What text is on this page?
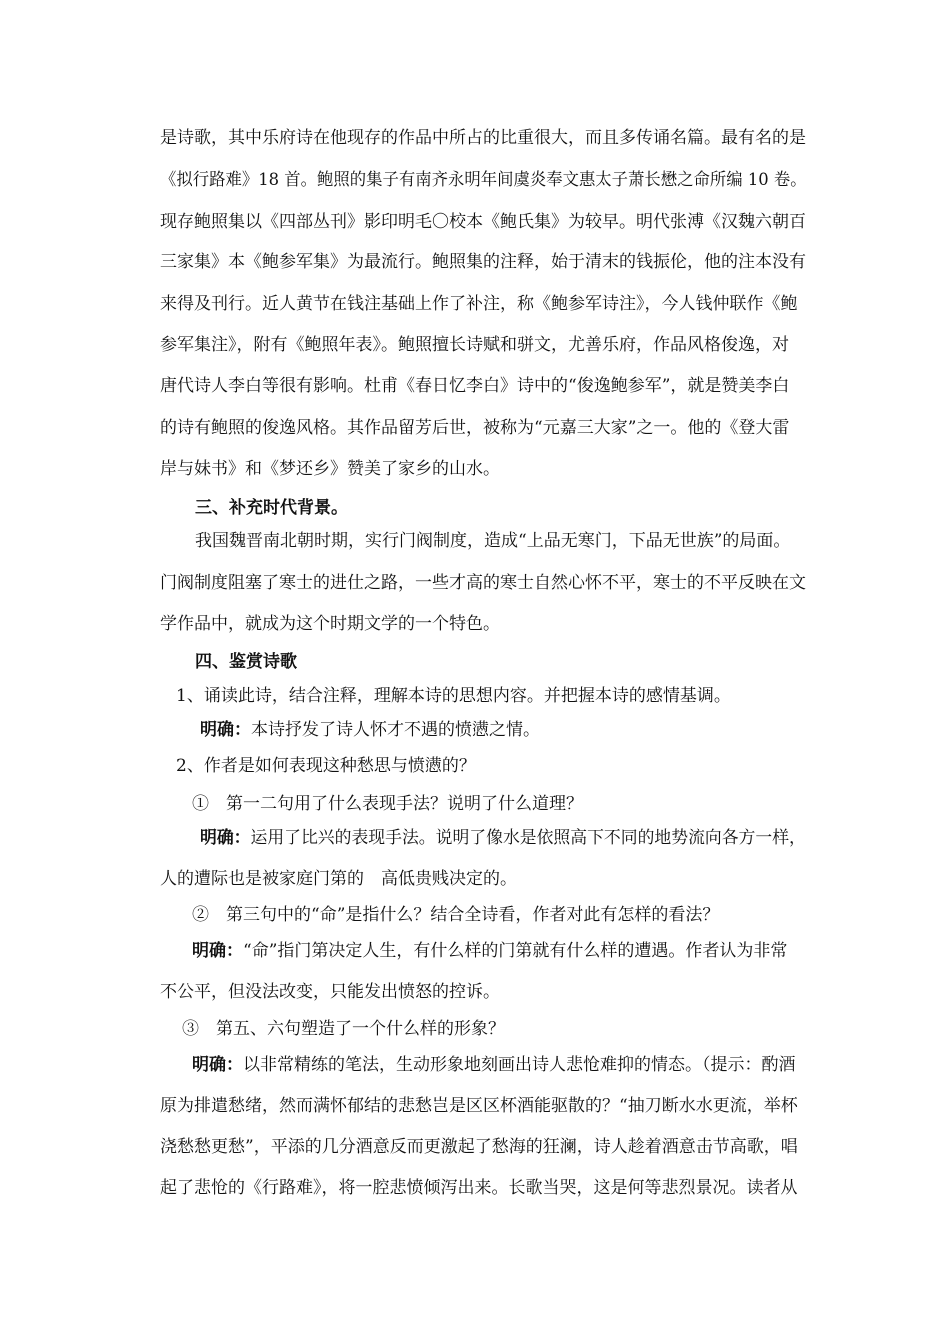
是诗歌，其中乐府诗在他现存的作品中所占的比重很大，而且多传诵名篇。最有名的是
《拟行路难》18 首。鲍照的集子有南齐永明年间虞炎奉文惠太子萧长懋之命所编 10 卷。
现存鲍照集以《四部丛刊》影印明毛〇校本《鲍氏集》为较早。明代张溥《汉魏六朝百
三家集》本《鲍参军集》为最流行。鲍照集的注释，始于清末的钱振伦，他的注本没有
来得及刊行。近人黄节在钱注基础上作了补注，称《鲍参军诗注》，今人钱仲联作《鲍
参军集注》，附有《鲍照年表》。鲍照擅长诗赋和骈文，尤善乐府，作品风格俊逸，对
唐代诗人李白等很有影响。杜甫《春日忆李白》诗中的“俊逸鲍参军”，就是赞美李白
的诗有鲍照的俊逸风格。其作品留芳后世，被称为“元嘉三大家”之一。他的《登大雷
岸与妹书》和《梦还乡》赞美了家乡的山水。
三、补充时代背景。
我国魏晋南北朝时期，实行门阀制度，造成“上品无寒门，下品无世族”的局面。
门阀制度阻塞了寒士的进仕之路，一些才高的寒士自然心怀不平，寒士的不平反映在文
学作品中，就成为这个时期文学的一个特色。
四、鉴赏诗歌
1、诵读此诗，结合注释，理解本诗的思想内容。并把握本诗的感情基调。
明确：本诗抒发了诗人怀才不遇的愤懑之情。
2、作者是如何表现这种愁思与愤懑的？
①　第一二句用了什么表现手法？说明了什么道理？
明确：运用了比兴的表现手法。说明了像水是依照高下不同的地势流向各方一样，
人的遭际也是被家庭门第的　高低贵贱决定的。
②　第三句中的“命”是指什么？结合全诗看，作者对此有怎样的看法？
明确：“命”指门第决定人生，有什么样的门第就有什么样的遭遇。作者认为非常
不公平，但没法改变，只能发出愤怒的控诉。
③　第五、六句塑造了一个什么样的形象？
明确：以非常精练的笔法，生动形象地刻画出诗人悲怆难抑的情态。（提示：酌酒
原为排遣愁绪，然而满怀郁结的悲愁岂是区区杯酒能驱散的？“抽刀断水水更流，举杯
浇愁愁更愁”，平添的几分酒意反而更激起了愁海的狂澜，诗人趁着酒意击节高歌，唱
起了悲怆的《行路难》，将一腔悲愤倾泻出来。长歌当哭，这是何等悲烈景况。读者从
